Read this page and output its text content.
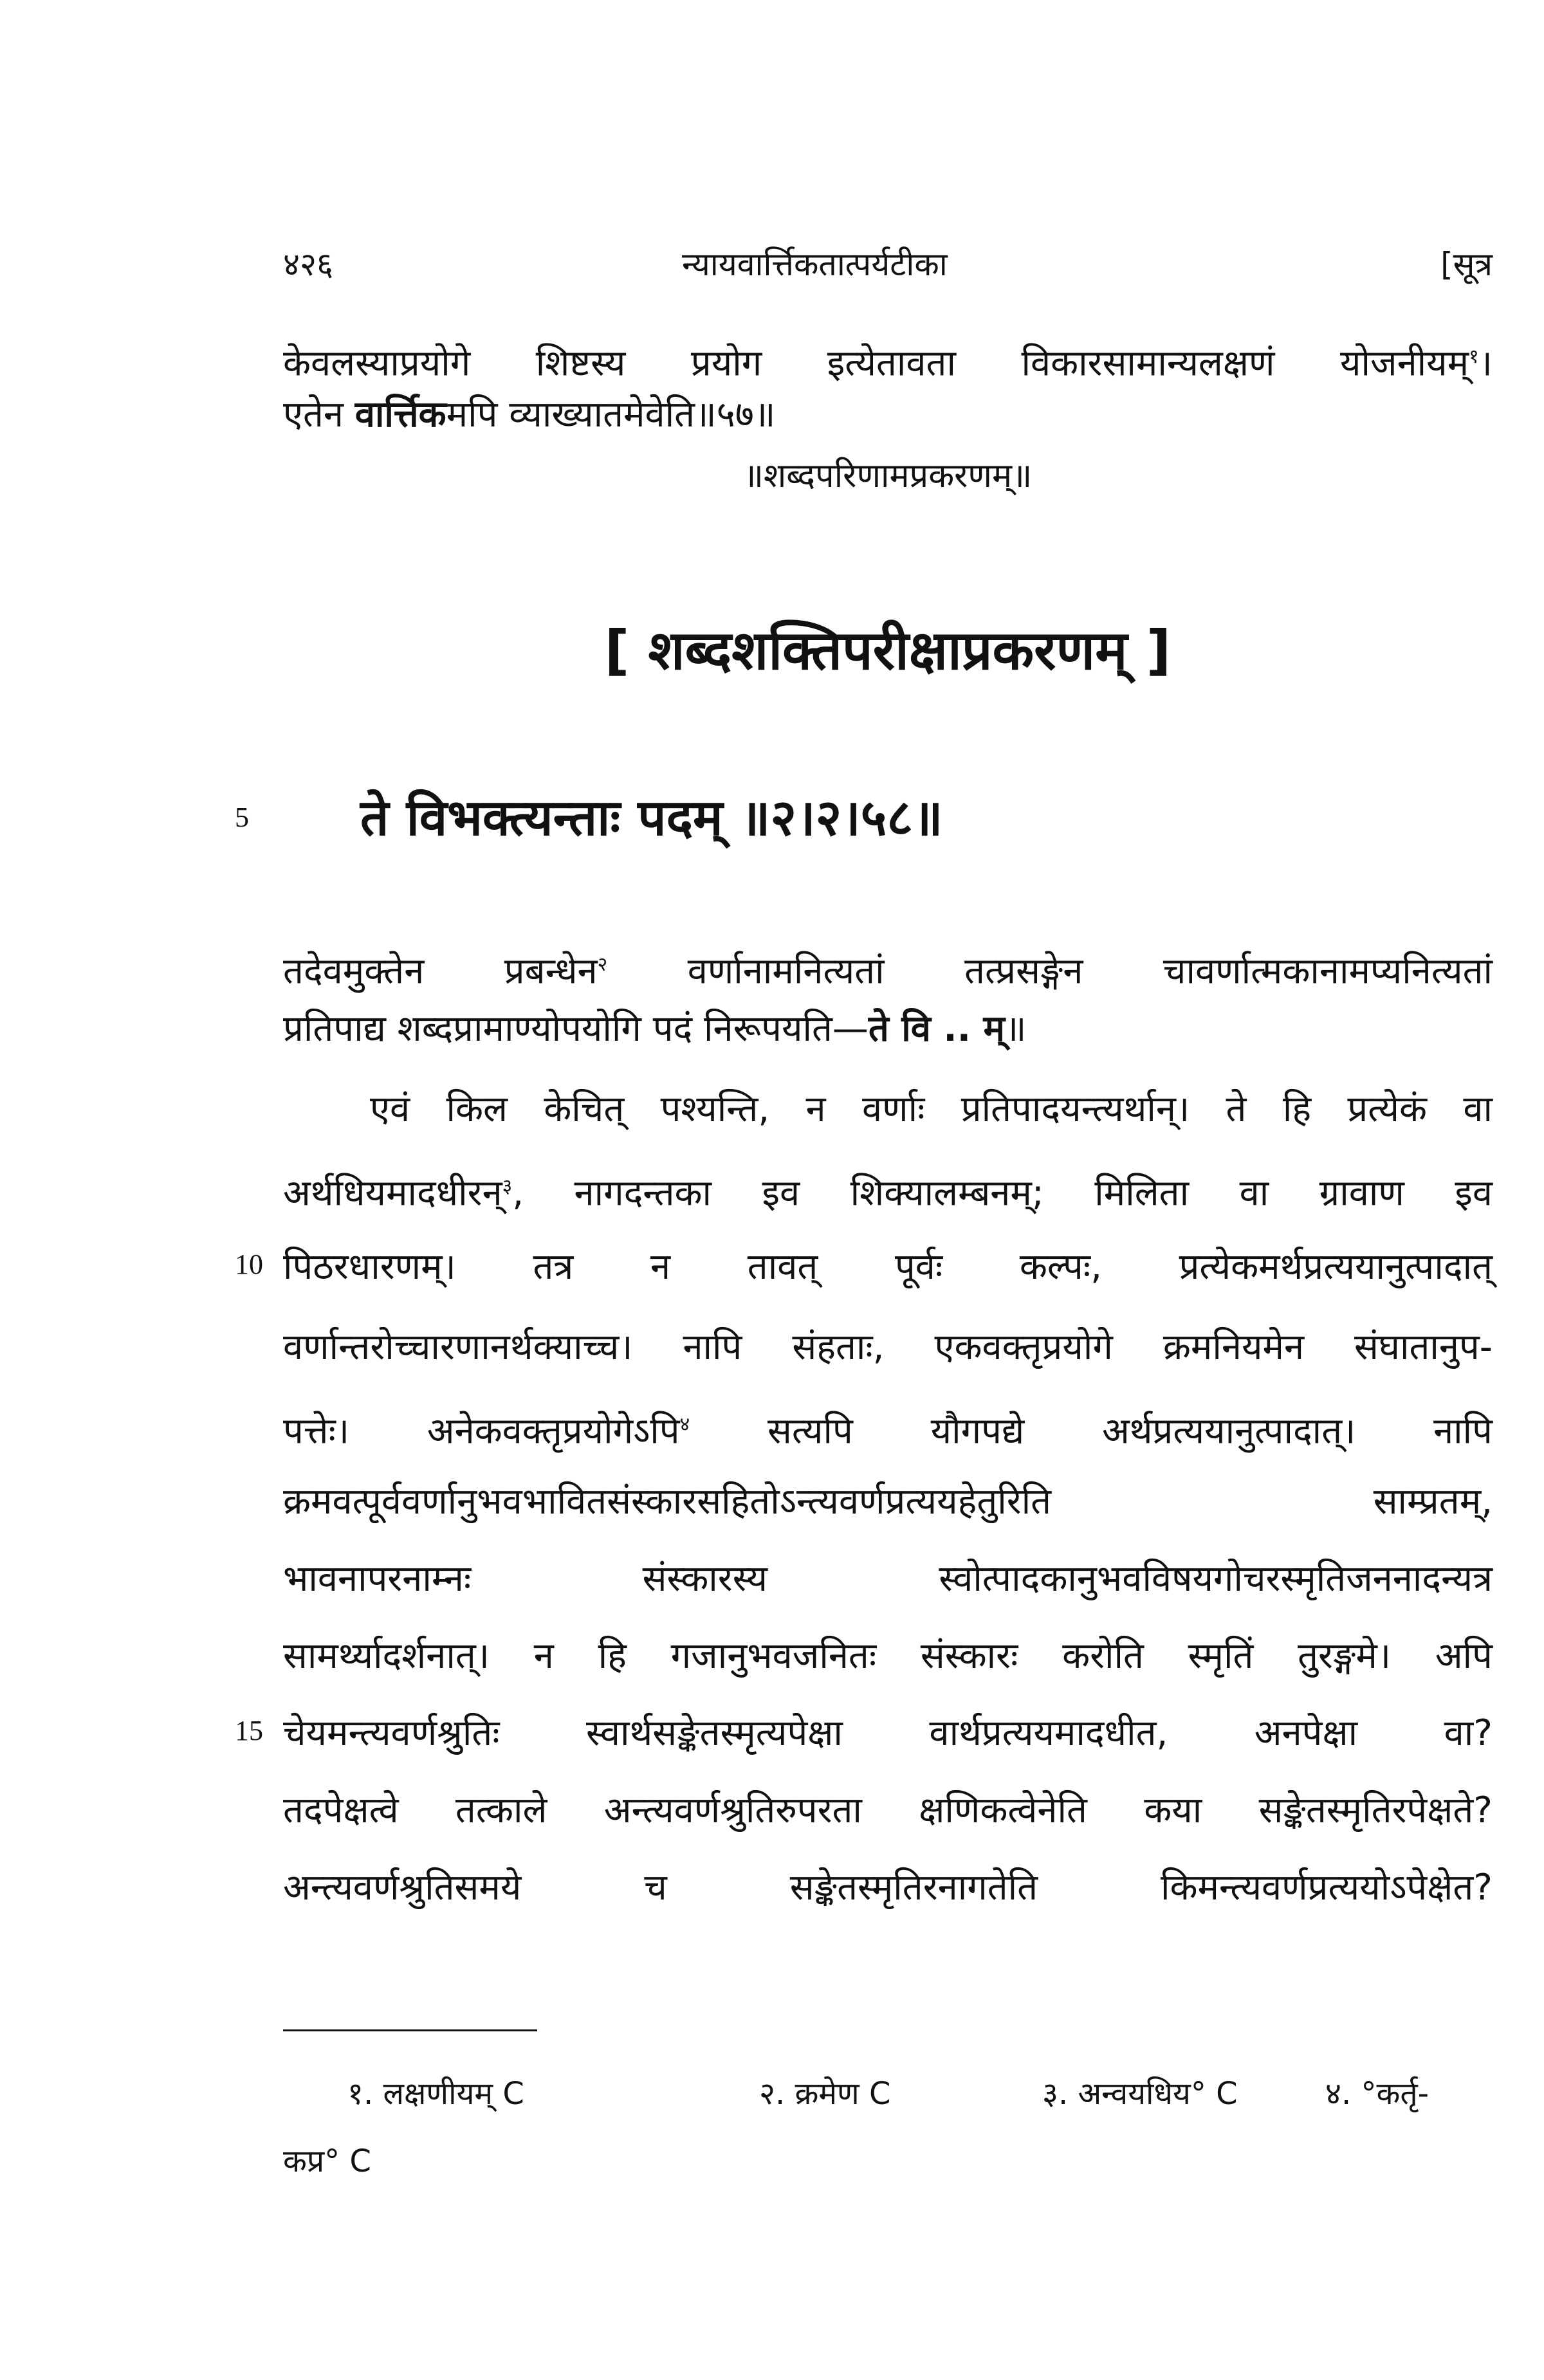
४२६	न्यायवार्त्तिकतात्पर्यटीका	[सूत्र
केवलस्याप्रयोगे शिष्टस्य प्रयोग इत्येतावता विकारसामान्यलक्षणं योजनीयम्$^१$।
एतेन वार्त्तिकमपि व्याख्यातमेवेति॥५७॥
॥शब्दपरिणामप्रकरणम्॥
[ शब्दशक्तिपरीक्षाप्रकरणम् ]
5 ते विभक्त्यन्ताः पदम् ॥२।२।५८॥
तदेवमुक्तेन प्रबन्धेन$^२$ वर्णानामनित्यतां तत्प्रसङ्गेन चावर्णात्मकानामप्यनित्यतां
प्रतिपाद्य शब्दप्रामाण्योपयोगि पदं निरूपयति—ते वि .. म्॥
एवं किल केचित् पश्यन्ति, न वर्णाः प्रतिपादयन्त्यर्थान्। ते हि प्रत्येकं वा
अर्थधियमादधीरन्$^३$, नागदन्तका इव शिक्यालम्बनम्; मिलिता वा ग्रावाण इव
10 पिठरधारणम्। तत्र न तावत् पूर्वः कल्पः, प्रत्येकमर्थप्रत्ययानुत्पादात्
वर्णान्तरोच्चारणानर्थक्याच्च। नापि संहताः, एकवक्तृप्रयोगे क्रमनियमेन संघातानुप-
पत्तेः। अनेकवक्तृप्रयोगेऽपि$^४$ सत्यपि यौगपद्ये अर्थप्रत्ययानुत्पादात्। नापि
क्रमवत्पूर्ववर्णानुभवभावितसंस्कारसहितोऽन्त्यवर्णप्रत्ययहेतुरिति साम्प्रतम्,
भावनापरनाम्नः संस्कारस्य स्वोत्पादकानुभवविषयगोचरस्मृतिजननादन्यत्र
सामर्थ्यादर्शनात्। न हि गजानुभवजनितः संस्कारः करोति स्मृतिं तुरङ्गमे। अपि
15 चेयमन्त्यवर्णश्रुतिः स्वार्थसङ्केतस्मृत्यपेक्षा वार्थप्रत्ययमादधीत, अनपेक्षा वा?
तदपेक्षत्वे तत्काले अन्त्यवर्णश्रुतिरुपरता क्षणिकत्वेनेति कया सङ्केतस्मृतिरपेक्षते?
अन्त्यवर्णश्रुतिसमये च सङ्केतस्मृतिरनागतेति किमन्त्यवर्णप्रत्ययोऽपेक्षेत?
१. लक्षणीयम् C	२. क्रमेण C	३. अन्वयधिय° C	४. °कर्तृ-
कप्र° C
